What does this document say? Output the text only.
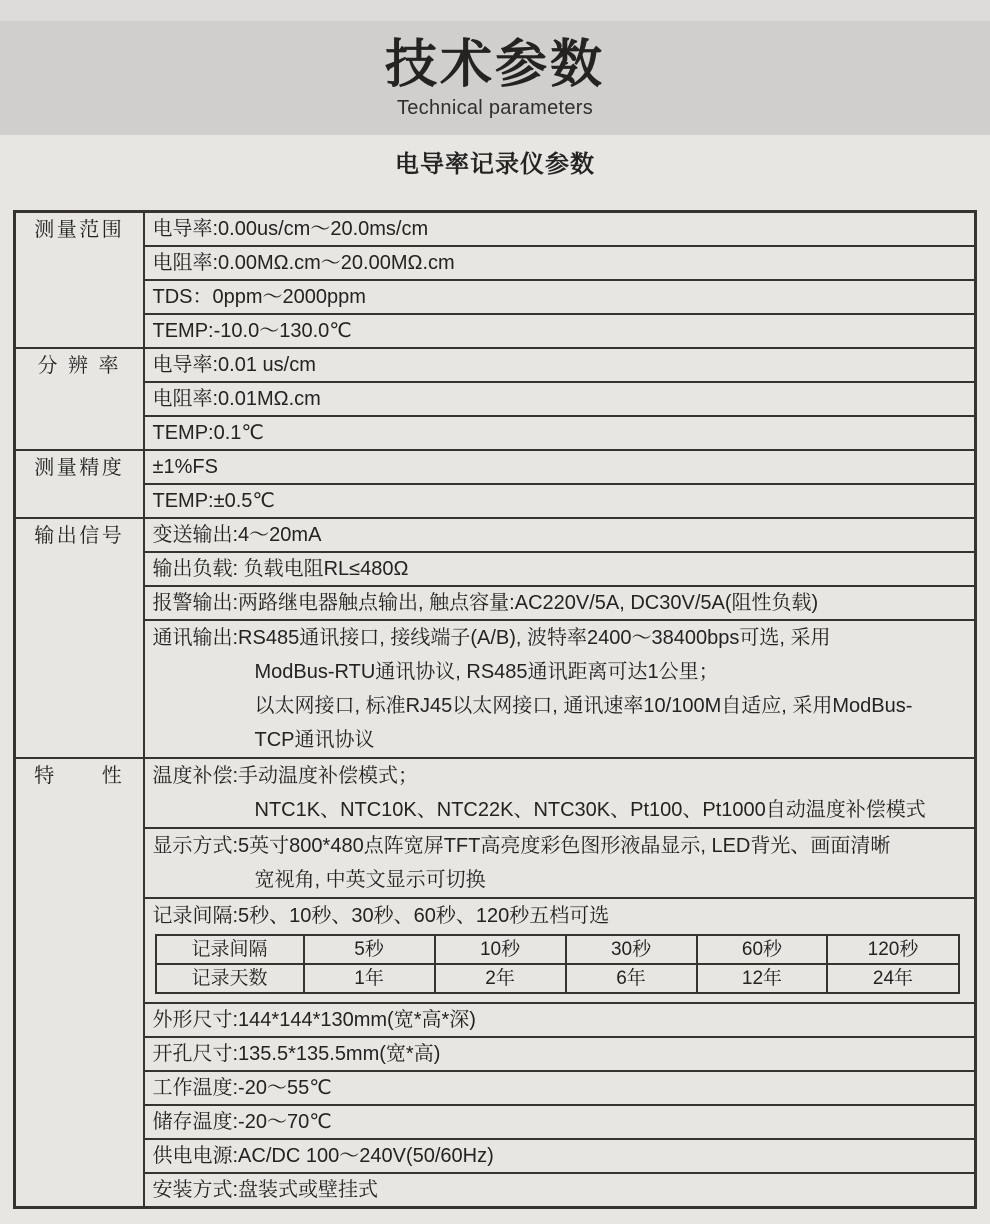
技术参数
Technical parameters
电导率记录仪参数
测量范围	电导率:0.00us/cm～20.0ms/cm

电阻率:0.00MΩ.cm～20.00MΩ.cm

TDS：0ppm～2000ppm

TEMP:-10.0～130.0℃

分 辨 率	电导率:0.01 us/cm

电阻率:0.01MΩ.cm

TEMP:0.1℃

测量精度	±1%FS

TEMP:±0.5℃

输出信号	变送输出:4～20mA

输出负载: 负载电阻RL≤480Ω

报警输出:两路继电器触点输出, 触点容量:AC220V/5A, DC30V/5A(阻性负载)

通讯输出:RS485通讯接口, 接线端子(A/B), 波特率2400～38400bps可选, 采用
ModBus-RTU通讯协议, RS485通讯距离可达1公里；
以太网接口, 标准RJ45以太网接口, 通讯速率10/100M自适应, 采用ModBus-
TCP通讯协议

特　　性	温度补偿:手动温度补偿模式；
NTC1K、NTC10K、NTC22K、NTC30K、Pt100、Pt1000自动温度补偿模式

显示方式:5英寸800*480点阵宽屏TFT高亮度彩色图形液晶显示, LED背光、画面清晰
宽视角, 中英文显示可切换

记录间隔:5秒、10秒、30秒、60秒、120秒五档可选
记录间隔	5秒	10秒	30秒	60秒	120秒
记录天数	1年	2年	6年	12年	24年

外形尺寸:144*144*130mm(宽*高*深)

开孔尺寸:135.5*135.5mm(宽*高)

工作温度:-20～55℃

储存温度:-20～70℃

供电电源:AC/DC 100～240V(50/60Hz)

安装方式:盘装式或壁挂式
